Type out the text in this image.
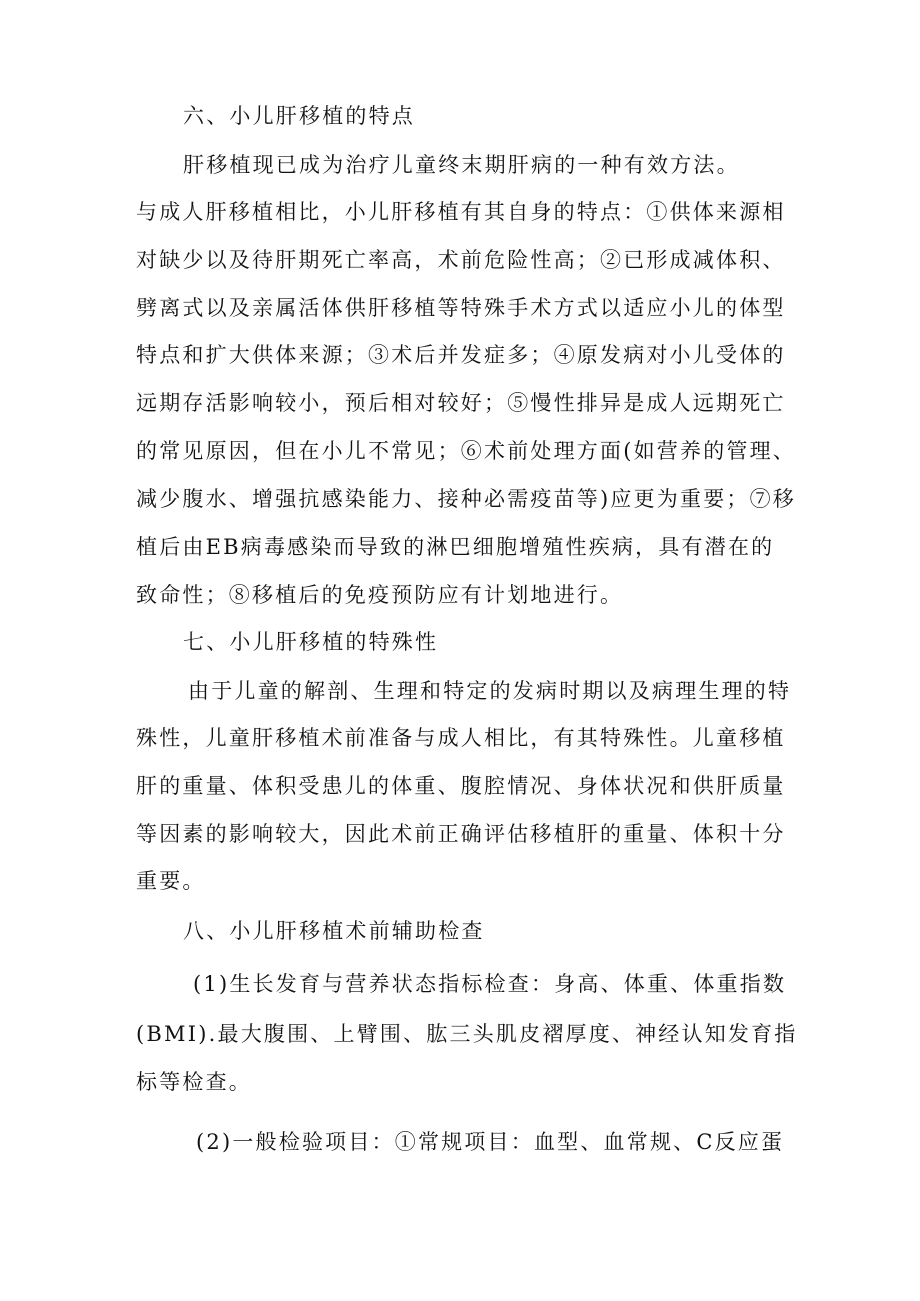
六、小儿肝移植的特点

肝移植现已成为治疗儿童终末期肝病的一种有效方法。

与成人肝移植相比，小儿肝移植有其自身的特点：①供体来源相

对缺少以及待肝期死亡率高，术前危险性高；②已形成减体积、

劈离式以及亲属活体供肝移植等特殊手术方式以适应小儿的体型

特点和扩大供体来源；③术后并发症多；④原发病对小儿受体的

远期存活影响较小，预后相对较好；⑤慢性排异是成人远期死亡

的常见原因，但在小儿不常见；⑥术前处理方面(如营养的管理、

减少腹水、增强抗感染能力、接种必需疫苗等)应更为重要；⑦移

植后由EB病毒感染而导致的淋巴细胞增殖性疾病，具有潜在的

致命性；⑧移植后的免疫预防应有计划地进行。

七、小儿肝移植的特殊性

由于儿童的解剖、生理和特定的发病时期以及病理生理的特

殊性，儿童肝移植术前准备与成人相比，有其特殊性。儿童移植

肝的重量、体积受患儿的体重、腹腔情况、身体状况和供肝质量

等因素的影响较大，因此术前正确评估移植肝的重量、体积十分

重要。

八、小儿肝移植术前辅助检查

(1)生长发育与营养状态指标检查：身高、体重、体重指数

(BMI).最大腹围、上臂围、肱三头肌皮褶厚度、神经认知发育指

标等检查。

(2)一般检验项目：①常规项目：血型、血常规、C反应蛋
